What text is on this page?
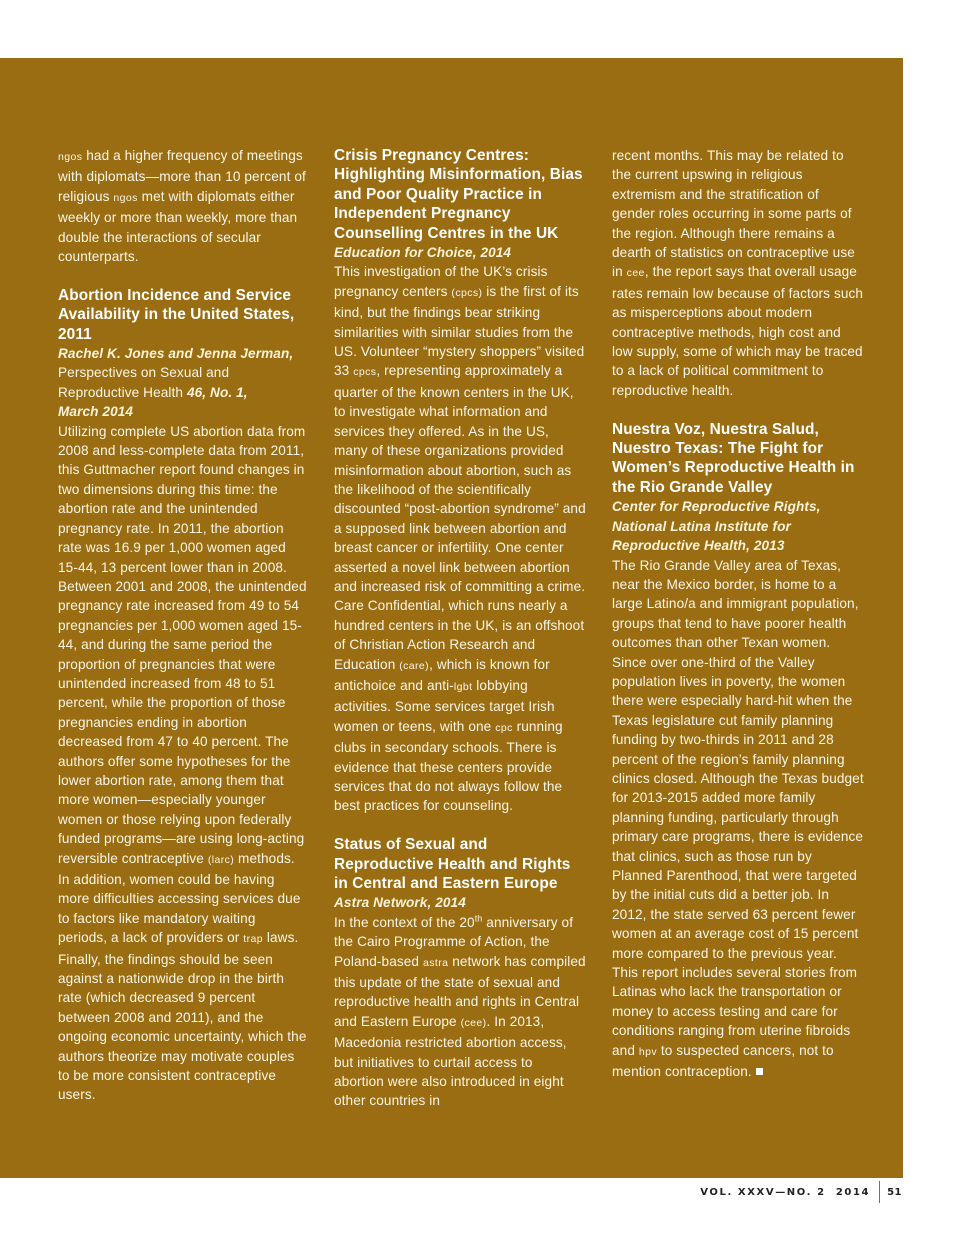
ngos had a higher frequency of meetings with diplomats—more than 10 percent of religious ngos met with diplomats either weekly or more than weekly, more than double the interactions of secular counterparts.

Abortion Incidence and Service Availability in the United States, 2011

Rachel K. Jones and Jenna Jerman,
Perspectives on Sexual and Reproductive Health 46, No. 1,
March 2014

Utilizing complete US abortion data from 2008 and less-complete data from 2011, this Guttmacher report found changes in two dimensions during this time: the abortion rate and the unintended pregnancy rate. In 2011, the abortion rate was 16.9 per 1,000 women aged 15-44, 13 percent lower than in 2008. Between 2001 and 2008, the unintended pregnancy rate increased from 49 to 54 pregnancies per 1,000 women aged 15-44, and during the same period the proportion of pregnancies that were unintended increased from 48 to 51 percent, while the proportion of those pregnancies ending in abortion decreased from 47 to 40 percent. The authors offer some hypotheses for the lower abortion rate, among them that more women—especially younger women or those relying upon federally funded programs—are using long-acting reversible contraceptive (larc) methods. In addition, women could be having more difficulties accessing services due to factors like mandatory waiting periods, a lack of providers or trap laws. Finally, the findings should be seen against a nationwide drop in the birth rate (which decreased 9 percent between 2008 and 2011), and the ongoing economic uncertainty, which the authors theorize may motivate couples to be more consistent contraceptive users.

Crisis Pregnancy Centres: Highlighting Misinformation, Bias and Poor Quality Practice in Independent Pregnancy Counselling Centres in the UK
Education for Choice, 2014

This investigation of the UK’s crisis pregnancy centers (cpcs) is the first of its kind, but the findings bear striking similarities with similar studies from the US. Volunteer “mystery shoppers” visited 33 cpcs, representing approximately a quarter of the known centers in the UK, to investigate what information and services they offered. As in the US, many of these organizations provided misinformation about abortion, such as the likelihood of the scientifically discounted “post-abortion syndrome” and a supposed link between abortion and breast cancer or infertility. One center asserted a novel link between abortion and increased risk of committing a crime. Care Confidential, which runs nearly a hundred centers in the UK, is an offshoot of Christian Action Research and Education (care), which is known for antichoice and anti-lgbt lobbying activities. Some services target Irish women or teens, with one cpc running clubs in secondary schools. There is evidence that these centers provide services that do not always follow the best practices for counseling.

Status of Sexual and Reproductive Health and Rights in Central and Eastern Europe
Astra Network, 2014

In the context of the 20th anniversary of the Cairo Programme of Action, the Poland-based astra network has compiled this update of the state of sexual and reproductive health and rights in Central and Eastern Europe (cee). In 2013, Macedonia restricted abortion access, but initiatives to curtail access to abortion were also introduced in eight other countries in

recent months. This may be related to the current upswing in religious extremism and the stratification of gender roles occurring in some parts of the region. Although there remains a dearth of statistics on contraceptive use in cee, the report says that overall usage rates remain low because of factors such as misperceptions about modern contraceptive methods, high cost and low supply, some of which may be traced to a lack of political commitment to reproductive health.

Nuestra Voz, Nuestra Salud, Nuestro Texas: The Fight for Women’s Reproductive Health in the Rio Grande Valley
Center for Reproductive Rights, National Latina Institute for Reproductive Health, 2013

The Rio Grande Valley area of Texas, near the Mexico border, is home to a large Latino/a and immigrant population, groups that tend to have poorer health outcomes than other Texan women. Since over one-third of the Valley population lives in poverty, the women there were especially hard-hit when the Texas legislature cut family planning funding by two-thirds in 2011 and 28 percent of the region’s family planning clinics closed. Although the Texas budget for 2013-2015 added more family planning funding, particularly through primary care programs, there is evidence that clinics, such as those run by Planned Parenthood, that were targeted by the initial cuts did a better job. In 2012, the state served 63 percent fewer women at an average cost of 15 percent more compared to the previous year. This report includes several stories from Latinas who lack the transportation or money to access testing and care for conditions ranging from uterine fibroids and hpv to suspected cancers, not to mention contraception.

VOL. XXXV—NO. 2  2014 51
